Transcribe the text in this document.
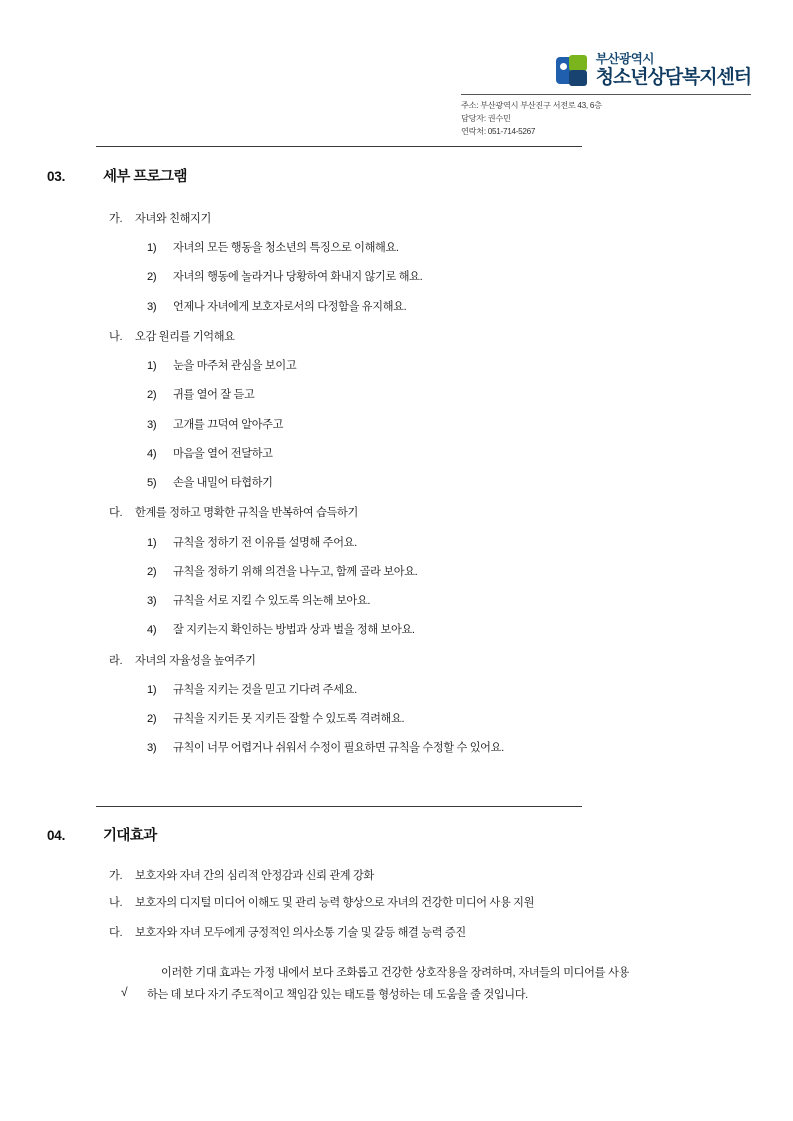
부산광역시
청소년상담복지센터
주소: 부산광역시 부산진구 서전로 43, 6층
담당자: 권수민
연락처: 051-714-5267
03.	세부 프로그램
가.	자녀와 친해지기
1)	자녀의 모든 행동을 청소년의 특징으로 이해해요.
2)	자녀의 행동에 놀라거나 당황하여 화내지 않기로 해요.
3)	언제나 자녀에게 보호자로서의 다정함을 유지해요.
나.	오감 원리를 기억해요
1)	눈을 마주쳐 관심을 보이고
2)	귀를 열어 잘 듣고
3)	고개를 끄덕여 알아주고
4)	마음을 열어 전달하고
5)	손을 내밀어 타협하기
다.	한계를 정하고 명확한 규칙을 반복하여 습득하기
1)	규칙을 정하기 전 이유를 설명해 주어요.
2)	규칙을 정하기 위해 의견을 나누고, 함께 골라 보아요.
3)	규칙을 서로 지킬 수 있도록 의논해 보아요.
4)	잘 지키는지 확인하는 방법과 상과 벌을 정해 보아요.
라.	자녀의 자율성을 높여주기
1)	규칙을 지키는 것을 믿고 기다려 주세요.
2)	규칙을 지키든 못 지키든 잘할 수 있도록 격려해요.
3)	규칙이 너무 어렵거나 쉬워서 수정이 필요하면 규칙을 수정할 수 있어요.
04.	기대효과
가.	보호자와 자녀 간의 심리적 안정감과 신뢰 관계 강화
나.	보호자의 디지털 미디어 이해도 및 관리 능력 향상으로 자녀의 건강한 미디어 사용 지원
다.	보호자와 자녀 모두에게 긍정적인 의사소통 기술 및 갈등 해결 능력 증진
√

이러한 기대 효과는 가정 내에서 보다 조화롭고 건강한 상호작용을 장려하며, 자녀들의 미디어를 사용하는 데 보다 자기 주도적이고 책임감 있는 태도를 형성하는 데 도움을 줄 것입니다.
